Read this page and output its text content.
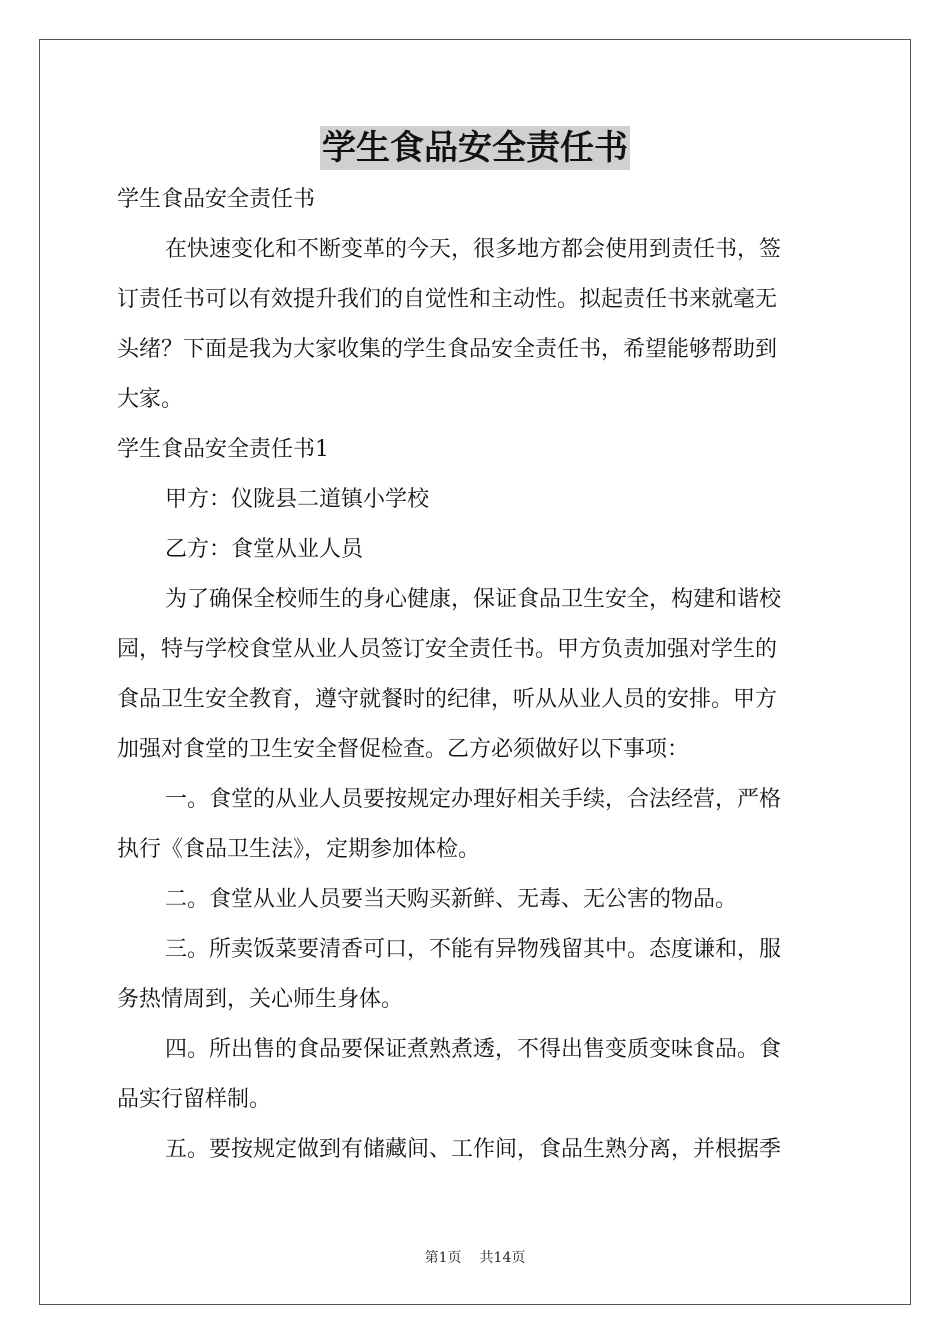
学生食品安全责任书
学生食品安全责任书
在快速变化和不断变革的今天，很多地方都会使用到责任书，签
订责任书可以有效提升我们的自觉性和主动性。拟起责任书来就毫无
头绪？下面是我为大家收集的学生食品安全责任书，希望能够帮助到
大家。
学生食品安全责任书1
甲方：仪陇县二道镇小学校
乙方：食堂从业人员
为了确保全校师生的身心健康，保证食品卫生安全，构建和谐校
园，特与学校食堂从业人员签订安全责任书。甲方负责加强对学生的
食品卫生安全教育，遵守就餐时的纪律，听从从业人员的安排。甲方
加强对食堂的卫生安全督促检查。乙方必须做好以下事项：
一。食堂的从业人员要按规定办理好相关手续，合法经营，严格
执行《食品卫生法》，定期参加体检。
二。食堂从业人员要当天购买新鲜、无毒、无公害的物品。
三。所卖饭菜要清香可口，不能有异物残留其中。态度谦和，服
务热情周到，关心师生身体。
四。所出售的食品要保证煮熟煮透，不得出售变质变味食品。食
品实行留样制。
五。要按规定做到有储藏间、工作间，食品生熟分离，并根据季
第1页 共14页
